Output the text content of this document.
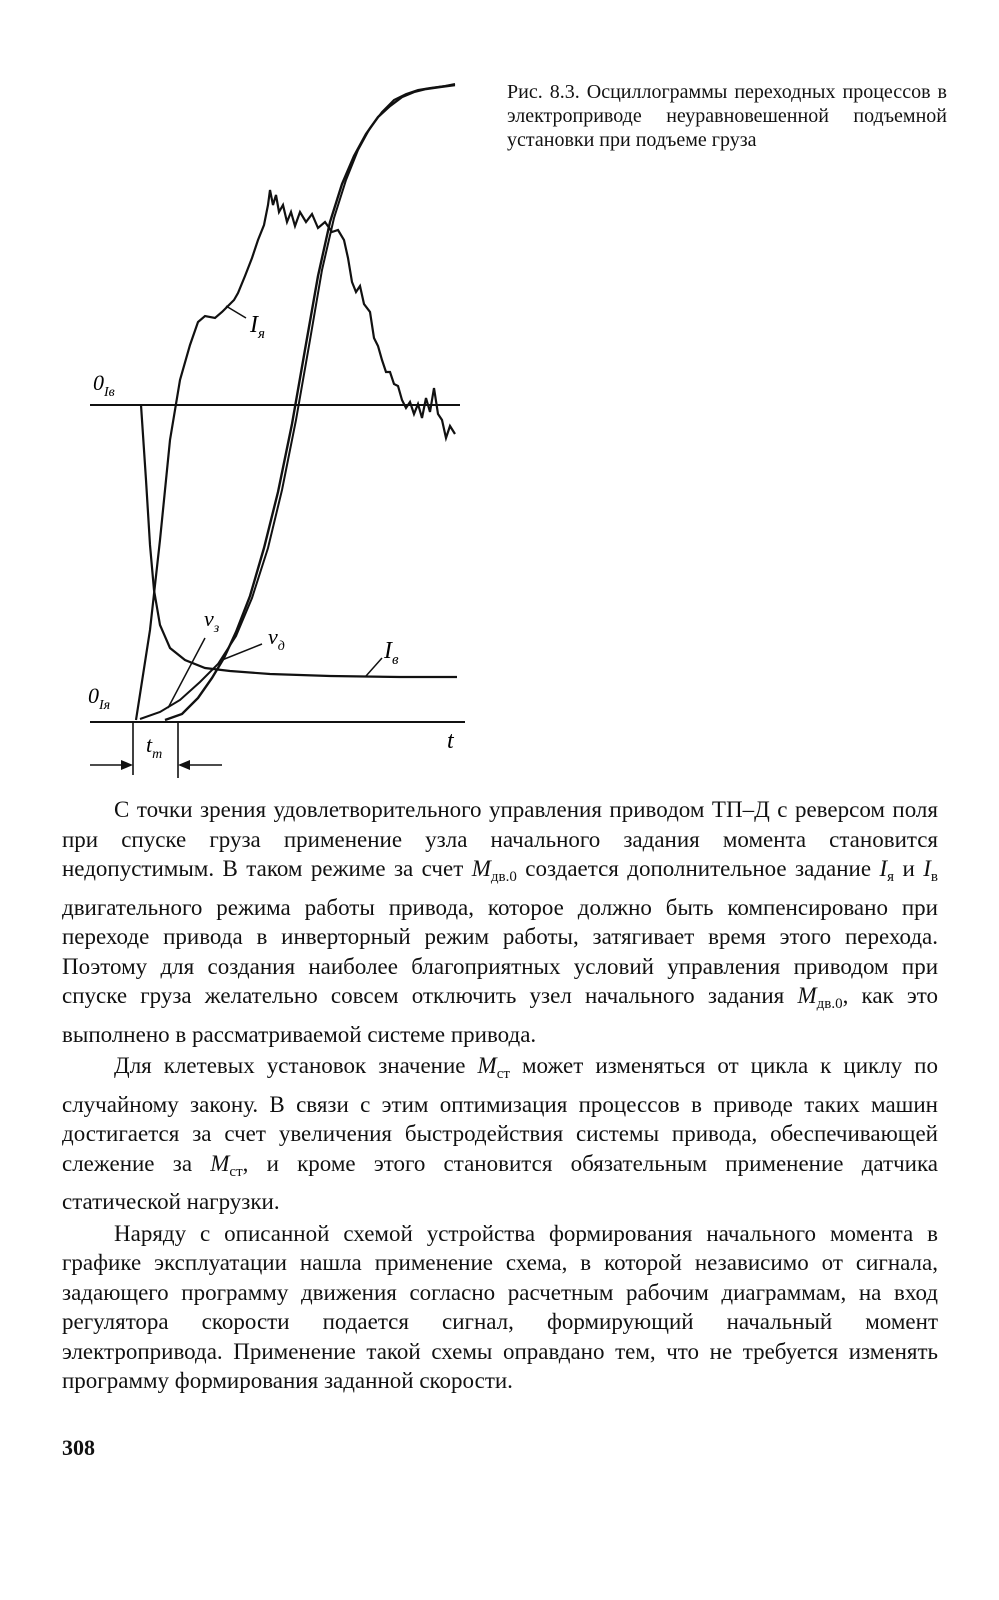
$0_{Iв}$
$0_{Iя}$
$I_я$
$I_в$
$v_з$ $v_д$
$t_т$
t
Рис. 8.3. Осциллограммы переходных процессов в электроприводе неуравновешенной подъемной установки при подъеме груза

С точки зрения удовлетворительного управления приводом ТП–Д с реверсом поля при спуске груза применение узла начального задания момента становится недопустимым. В таком режиме за счет $M_{дв.0}$ создается дополнительное задание $I_я$ и $I_в$ двигательного режима работы привода, которое должно быть компенсировано при переходе привода в инверторный режим работы, затягивает время этого перехода. Поэтому для создания наиболее благоприятных условий управления приводом при спуске груза желательно совсем отключить узел начального задания $M_{дв.0}$, как это выполнено в рассматриваемой системе привода.

Для клетевых установок значение $M_{ст}$ может изменяться от цикла к циклу по случайному закону. В связи с этим оптимизация процессов в приводе таких машин достигается за счет увеличения быстродействия системы привода, обеспечивающей слежение за $M_{ст}$, и кроме этого становится обязательным применение датчика статической нагрузки.

Наряду с описанной схемой устройства формирования начального момента в графике эксплуатации нашла применение схема, в которой независимо от сигнала, задающего программу движения согласно расчетным рабочим диаграммам, на вход регулятора скорости подается сигнал, формирующий начальный момент электропривода. Применение такой схемы оправдано тем, что не требуется изменять программу формирования заданной скорости.

308
